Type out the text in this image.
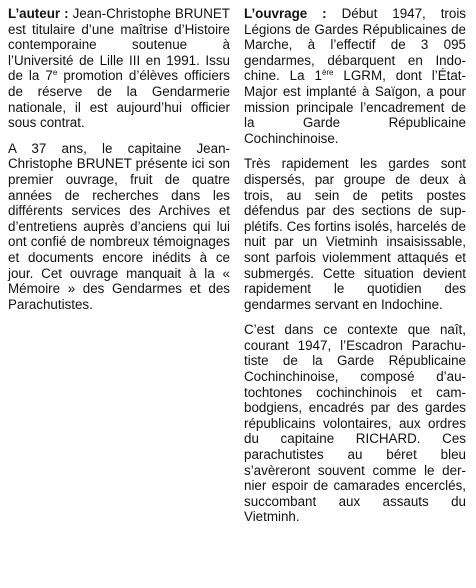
L’auteur : Jean-Christophe BRUNET est titulaire d’une maîtrise d’Histoire contemporaine soutenue à l’Université de Lille III en 1991. Issu de la 7e promotion d’élèves officiers de réserve de la Gendarmerie nationale, il est aujourd’hui officier sous contrat.

A 37 ans, le capitaine Jean-Christophe BRUNET présente ici son premier ouvrage, fruit de quatre années de recherches dans les différents services des Archives et d’entretiens auprès d’anciens qui lui ont confié de nombreux témoignages et documents encore inédits à ce jour. Cet ouvrage manquait à la « Mémoire » des Gendarmes et des Parachutistes.

L’ouvrage : Début 1947, trois Légions de Gardes Républicaines de Marche, à l’effectif de 3 095 gendarmes, débarquent en Indochine. La 1ère LGRM, dont l’État-Major est implanté à Saïgon, a pour mission principale l’encadrement de la Garde Républicaine Cochinchinoise.

Très rapidement les gardes sont dispersés, par groupe de deux à trois, au sein de petits postes défendus par des sections de supplétifs. Ces fortins isolés, harcelés de nuit par un Vietminh insaisissable, sont parfois violemment attaqués et submergés. Cette situation devient rapidement le quotidien des gendarmes servant en Indochine.

C’est dans ce contexte que naît, courant 1947, l’Escadron Parachutiste de la Garde Républicaine Cochinchinoise, composé d’autochtones cochinchinois et cambodgiens, encadrés par des gardes républicains volontaires, aux ordres du capitaine RICHARD. Ces parachutistes au béret bleu s’avèreront souvent comme le dernier espoir de camarades encerclés, succombant aux assauts du Vietminh.
